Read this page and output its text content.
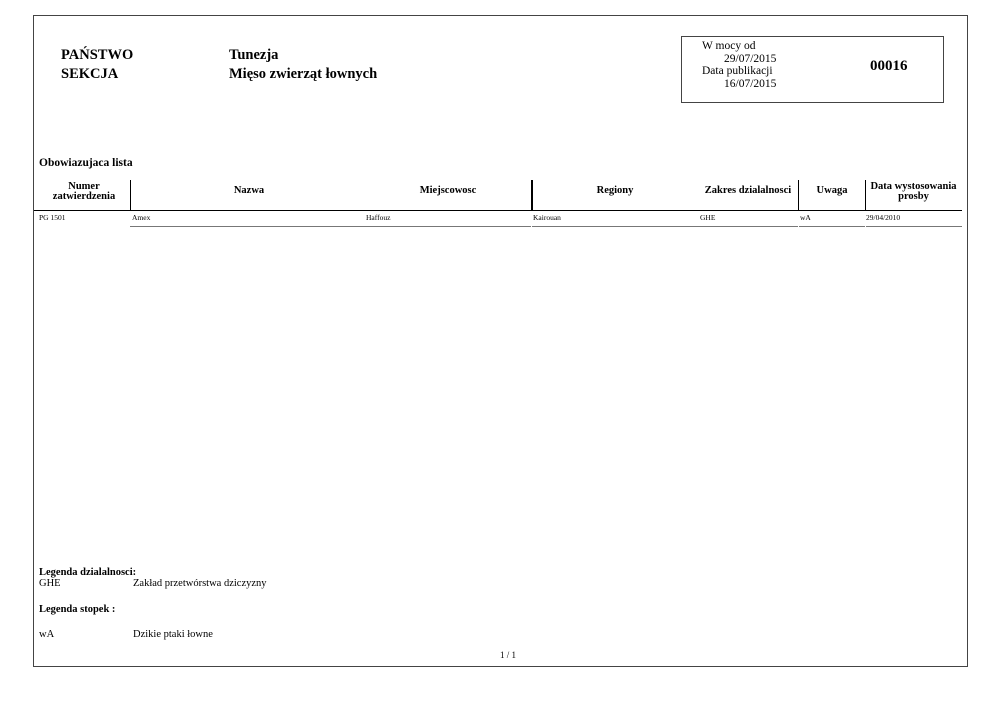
PAŃSTWO
SEKCJA
Tunezja
Mięso zwierząt łownych
W mocy od
29/07/2015
Data publikacji
16/07/2015
00016
Obowiazujaca lista
Numer
zatwierdzenia
Nazwa	Miejscowosc	Regiony	Zakres dzialalnosci	Uwaga	Data wystosowania
prosby
PG 1501	Amex	Haffouz	Kairouan	GHE	wA	29/04/2010
Legenda dzialalnosci:
GHE	Zakład przetwórstwa dziczyzny
Legenda stopek :
wA	Dzikie ptaki łowne
1 / 1
